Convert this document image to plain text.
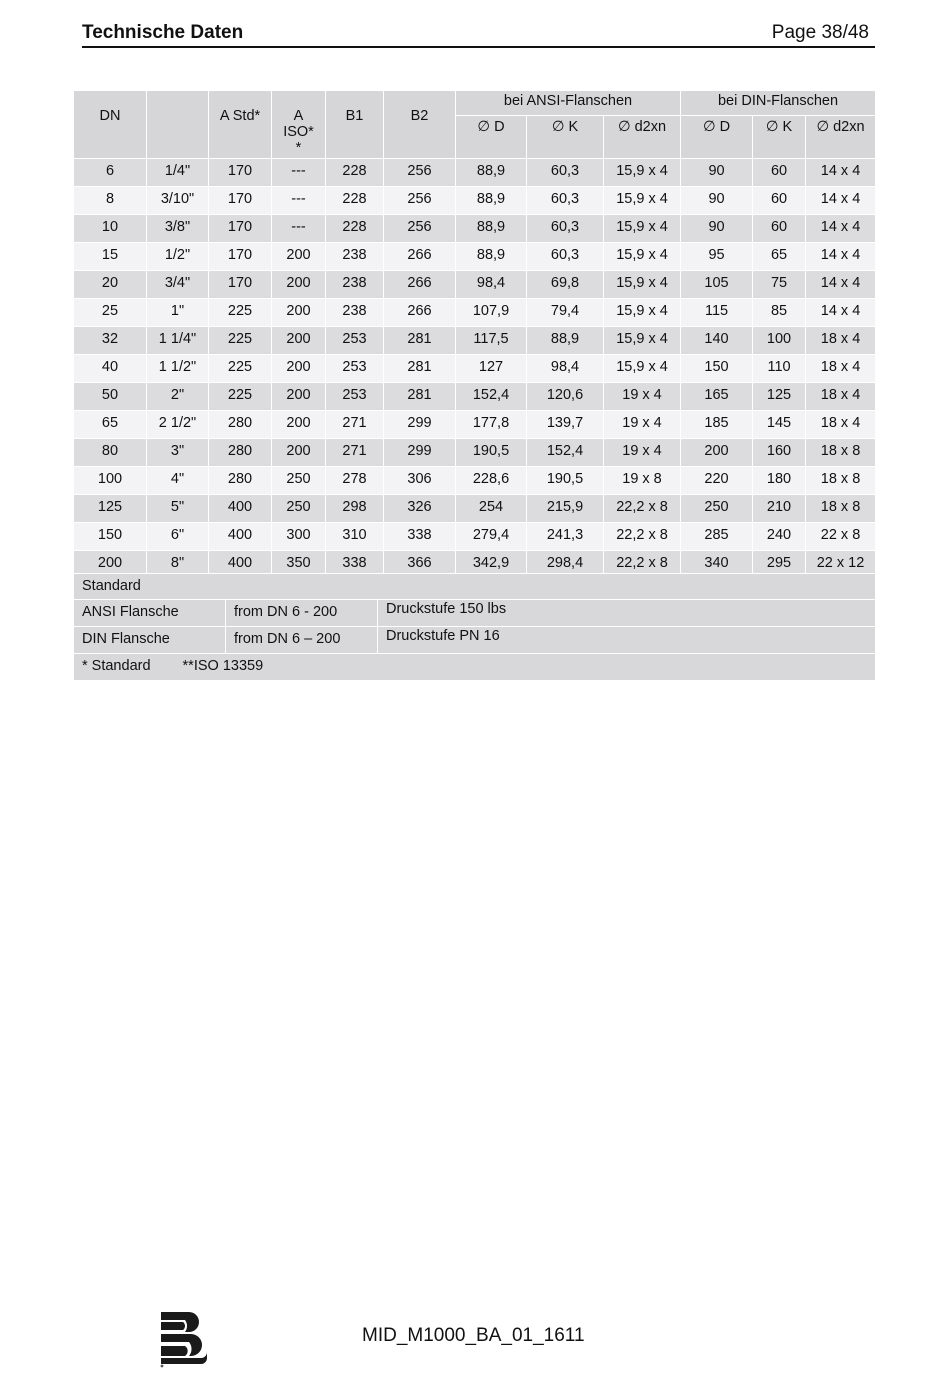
Technische Daten	Page 38/48
DN		A Std*	A
ISO*
*	B1	B2	bei ANSI-Flanschen			bei DIN-Flanschen		
						∅ D	∅ K	∅ d2xn	∅ D	∅ K	∅ d2xn
6	1/4"	170	---	228	256	88,9	60,3	15,9 x 4	90	60	14 x 4
8	3/10"	170	---	228	256	88,9	60,3	15,9 x 4	90	60	14 x 4
10	3/8"	170	---	228	256	88,9	60,3	15,9 x 4	90	60	14 x 4
15	1/2"	170	200	238	266	88,9	60,3	15,9 x 4	95	65	14 x 4
20	3/4"	170	200	238	266	98,4	69,8	15,9 x 4	105	75	14 x 4
25	1"	225	200	238	266	107,9	79,4	15,9 x 4	115	85	14 x 4
32	1 1/4"	225	200	253	281	117,5	88,9	15,9 x 4	140	100	18 x 4
40	1 1/2"	225	200	253	281	127	98,4	15,9 x 4	150	110	18 x 4
50	2"	225	200	253	281	152,4	120,6	19 x 4	165	125	18 x 4
65	2 1/2"	280	200	271	299	177,8	139,7	19 x 4	185	145	18 x 4
80	3"	280	200	271	299	190,5	152,4	19 x 4	200	160	18 x 8
100	4"	280	250	278	306	228,6	190,5	19 x 8	220	180	18 x 8
125	5"	400	250	298	326	254	215,9	22,2 x 8	250	210	18 x 8
150	6"	400	300	310	338	279,4	241,3	22,2 x 8	285	240	22 x 8
200	8"	400	350	338	366	342,9	298,4	22,2 x 8	340	295	22 x 12
Standard		
ANSI Flansche	from DN 6 - 200	Druckstufe 150 lbs
DIN Flansche	from DN 6 – 200	Druckstufe PN 16
* Standard **ISO 13359		
MID_M1000_BA_01_1611
